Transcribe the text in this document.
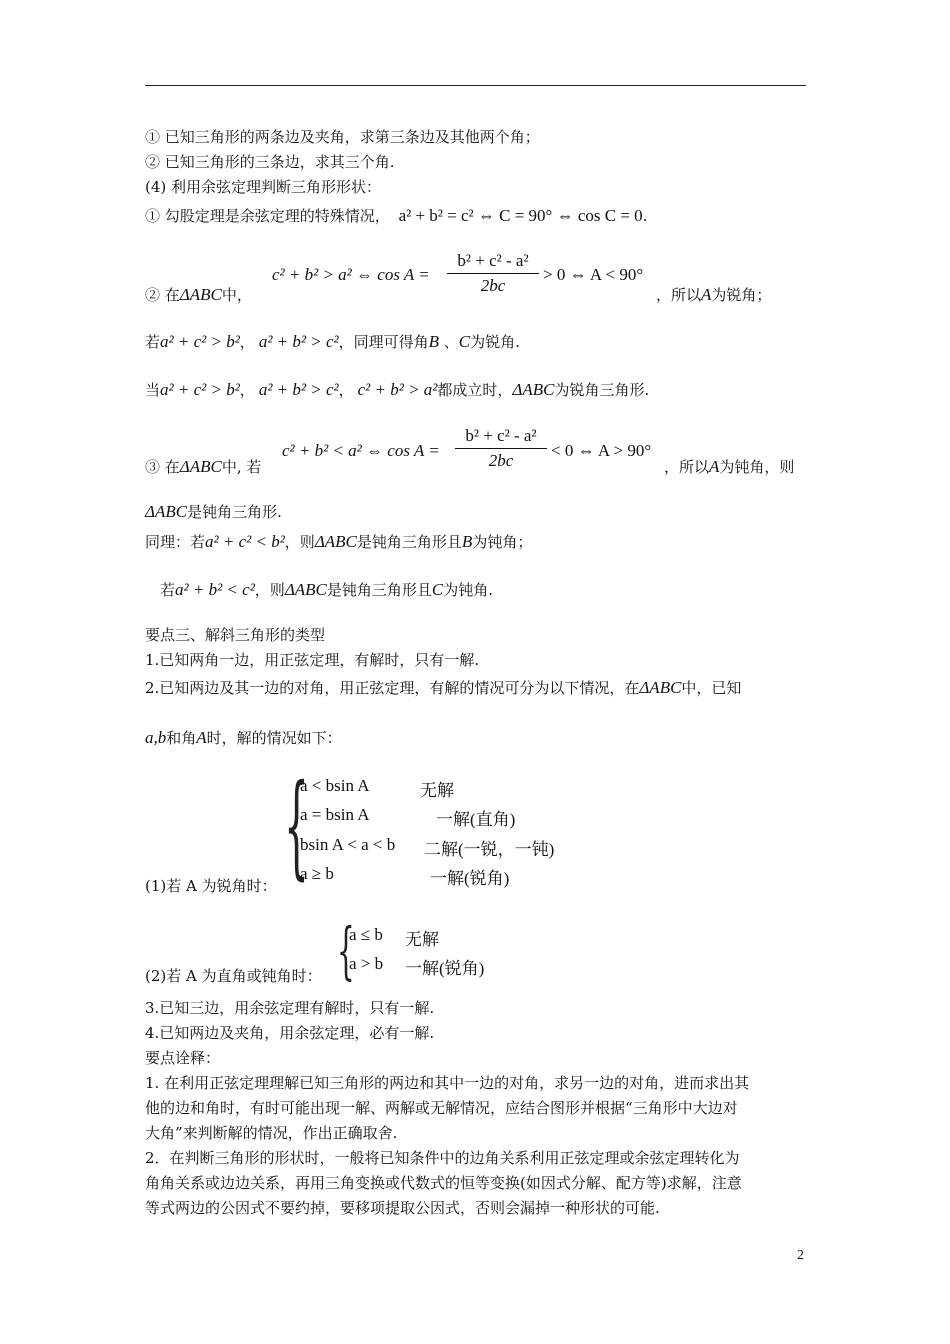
① 已知三角形的两条边及夹角，求第三条边及其他两个角；
② 已知三角形的三条边，求其三个角.
(4) 利用余弦定理判断三角形形状：
① 勾股定理是余弦定理的特殊情况， a² + b² = c² ⇔ C = 90° ⇔ cos C = 0.
② 在ΔABC中，
c² + b² > a² ⇔ $\cos A = \frac{\text{b² + c² - a²}}{2bc} > 0$ ⇔ A < 90°
，所以A为锐角；
若a² + c² > b²， a² + b² > c²，同理可得角B 、C为锐角.
当a² + c² > b²， a² + b² > c²， c² + b² > a²都成立时，ΔABC为锐角三角形.
③ 在ΔABC中, 若
c² + b² < a² ⇔ $\cos A = \frac{\text{b² + c² - a²}}{2bc} < 0$ ⇔ A > 90°
，所以A为钝角，则
ΔABC是钝角三角形.
同理：若a² + c² < b²，则ΔABC是钝角三角形且B为钝角；
若a² + b² < c²，则ΔABC是钝角三角形且C为钝角.
要点三、解斜三角形的类型
1.已知两角一边，用正弦定理，有解时，只有一解.
2.已知两边及其一边的对角，用正弦定理，有解的情况可分为以下情况，在ΔABC中，已知
a,b和角A时，解的情况如下：
(1)若 A 为锐角时： {
a < bsin A	无解
a = bsin A	一解(直角)
bsin A < a < b 二解(一锐，一钝)
a ≥ b	一解(锐角)
(2)若 A 为直角或钝角时： {
a ≤ b 无解
a > b 一解(锐角)
3.已知三边，用余弦定理有解时，只有一解.
4.已知两边及夹角，用余弦定理，必有一解.
要点诠释：
1. 在利用正弦定理理解已知三角形的两边和其中一边的对角，求另一边的对角，进而求出其
他的边和角时，有时可能出现一解、两解或无解情况，应结合图形并根据“三角形中大边对
大角”来判断解的情况，作出正确取舍.
2．在判断三角形的形状时，一般将已知条件中的边角关系利用正弦定理或余弦定理转化为
角角关系或边边关系，再用三角变换或代数式的恒等变换(如因式分解、配方等)求解，注意
等式两边的公因式不要约掉，要移项提取公因式，否则会漏掉一种形状的可能.
2
